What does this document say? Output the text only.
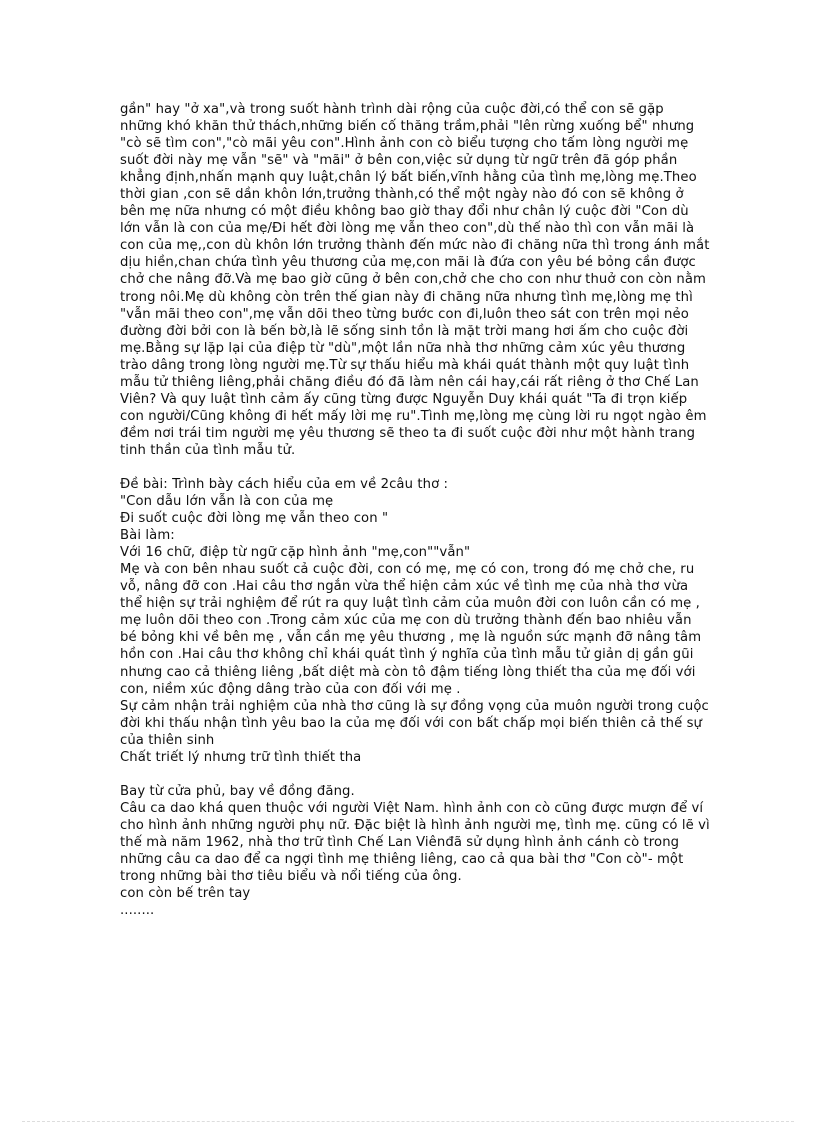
gần" hay "ở xa",và trong suốt hành trình dài rộng của cuộc đời,có thể con sẽ gặp những khó khăn thử thách,những biến cố thăng trầm,phải "lên rừng xuống bể" nhưng "cò sẽ tìm con","cò mãi yêu con".Hình ảnh con cò biểu tượng cho tấm lòng người mẹ suốt đời này mẹ vẫn "sẽ" và "mãi" ở bên con,việc sử dụng từ ngữ trên đã góp phần khẳng định,nhấn mạnh quy luật,chân lý bất biến,vĩnh hằng của tình mẹ,lòng mẹ.Theo thời gian ,con sẽ dần khôn lớn,trưởng thành,có thể một ngày nào đó con sẽ không ở bên mẹ nữa nhưng có một điều không bao giờ thay đổi như chân lý cuộc đời "Con dù lớn vẫn là con của mẹ/Đi hết đời lòng mẹ vẫn theo con",dù thế nào thì con vẫn mãi là con của mẹ,,con dù khôn lớn trưởng thành đến mức nào đi chăng nữa thì trong ánh mắt dịu hiền,chan chứa tình yêu thương của mẹ,con mãi là đứa con yêu bé bỏng cần được chở che nâng đỡ.Và mẹ bao giờ cũng ở bên con,chở che cho con như thuở con còn nằm trong nôi.Mẹ dù không còn trên thế gian này đi chăng nữa nhưng tình mẹ,lòng mẹ thì "vẫn mãi theo con",mẹ vẫn dõi theo từng bước con đi,luôn theo sát con trên mọi nẻo đường đời bởi con là bến bờ,là lẽ sống sinh tồn là mặt trời mang hơi ấm cho cuộc đời mẹ.Bằng sự lặp lại của điệp từ "dù",một lần nữa nhà thơ những cảm xúc yêu thương trào dâng trong lòng người mẹ.Từ sự thấu hiểu mà khái quát thành một quy luật tình mẫu tử thiêng liêng,phải chăng điều đó đã làm nên cái hay,cái rất riêng ở thơ Chế Lan Viên? Và quy luật tình cảm ấy cũng từng được Nguyễn Duy khái quát "Ta đi trọn kiếp con người/Cũng không đi hết mấy lời mẹ ru".Tình mẹ,lòng mẹ cùng lời ru ngọt ngào êm đềm nơi trái tim người mẹ yêu thương sẽ theo ta đi suốt cuộc đời như một hành trang tinh thần của tình mẫu tử.

Đề bài: Trình bày cách hiểu của em về 2câu thơ :

"Con dẫu lớn vẫn là con của mẹ

Đi suốt cuộc đời lòng mẹ vẫn theo con "

Bài làm:

Với 16 chữ, điệp từ ngữ cặp hình ảnh "mẹ,con""vẫn"

Mẹ và con bên nhau suốt cả cuộc đời, con có mẹ, mẹ có con, trong đó mẹ chở che, ru vỗ, nâng đỡ con .Hai câu thơ ngắn vừa thể hiện cảm xúc về tình mẹ của nhà thơ vừa thể hiện sự trải nghiệm để rút ra quy luật tình cảm của muôn đời con luôn cần có mẹ , mẹ luôn dõi theo con .Trong cảm xúc của mẹ con dù trưởng thành đến bao nhiêu vẫn bé bỏng khi về bên mẹ , vẫn cần mẹ yêu thương , mẹ là nguồn sức mạnh đỡ nâng tâm hồn con .Hai câu thơ không chỉ khái quát tình ý nghĩa của tình mẫu tử giản dị gần gũi nhưng cao cả thiêng liêng ,bất diệt mà còn tô đậm tiếng lòng thiết tha của mẹ đối với con, niềm xúc động dâng trào của con đối với mẹ .

Sự cảm nhận trải nghiệm của nhà thơ cũng là sự đồng vọng của muôn người trong cuộc đời khi thấu nhận tình yêu bao la của mẹ đối với con bất chấp mọi biến thiên cả thế sự của thiên sinh

Chất triết lý nhưng trữ tình thiết tha

Bay từ cửa phủ, bay về đồng đăng.

Câu ca dao khá quen thuộc với người Việt Nam. hình ảnh con cò cũng được mượn để ví cho hình ảnh những người phụ nữ. Đặc biệt là hình ảnh người mẹ, tình mẹ. cũng có lẽ vì thế mà năm 1962, nhà thơ trữ tình Chế Lan Viênđã sử dụng hình ảnh cánh cò trong những câu ca dao để ca ngợi tình mẹ thiêng liêng, cao cả qua bài thơ "Con cò"- một trong những bài thơ tiêu biểu và nổi tiếng của ông.

con còn bế trên tay

........
